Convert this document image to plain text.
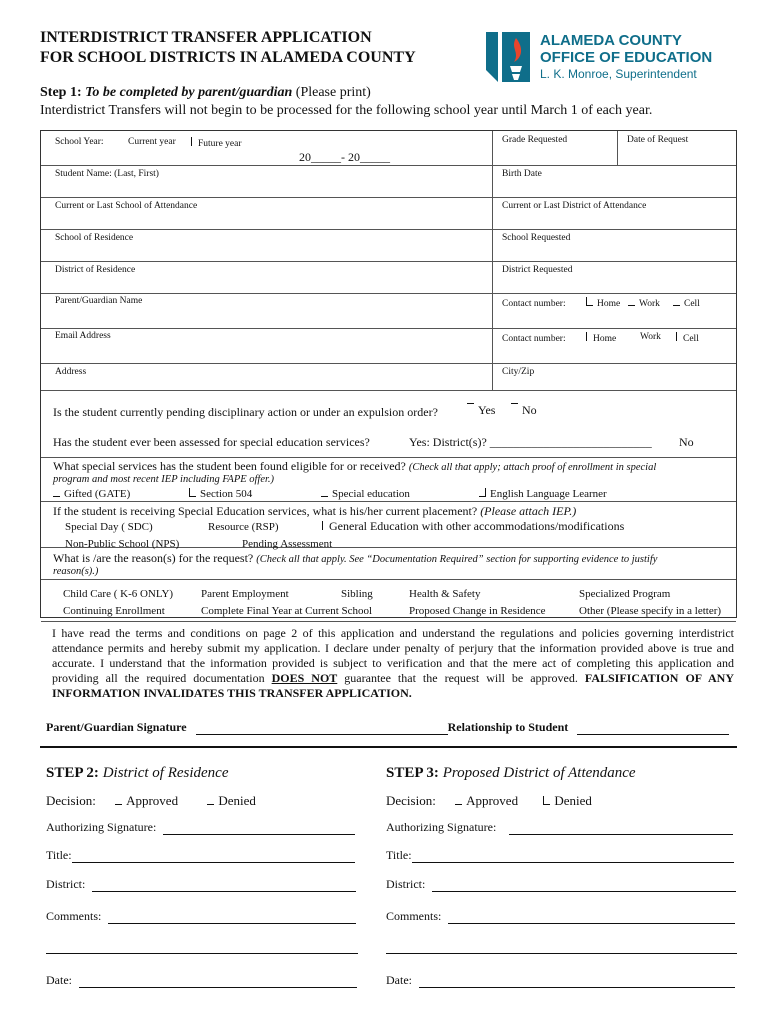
INTERDISTRICT TRANSFER APPLICATION
FOR SCHOOL DISTRICTS IN ALAMEDA COUNTY
ALAMEDA COUNTY
OFFICE OF EDUCATION
L. K. Monroe, Superintendent
Step 1: To be completed by parent/guardian (Please print)
Interdistrict Transfers will not begin to be processed for the following school year until March 1 of each year.
School Year:	Current year	Future year
20_____- 20_____
Grade Requested	Date of Request
Student Name: (Last, First)	Birth Date
Current or Last School of Attendance	Current or Last District of Attendance
School of Residence	School Requested
District of Residence	District Requested
Parent/Guardian Name	Contact number:	Home	Work	Cell
Email Address	Contact number:	Home	Work	Cell
Address	City/Zip
Is the student currently pending disciplinary action or under an expulsion order?	Yes	No
Has the student ever been assessed for special education services?	Yes: District(s)? ___________________________ No
What special services has the student been found eligible for or received? (Check all that apply; attach proof of enrollment in special
program and most recent IEP including FAPE offer.)
Gifted (GATE)	Section 504	Special education	English Language Learner
If the student is receiving Special Education services, what is his/her current placement? (Please attach IEP.)
Special Day ( SDC)	Resource (RSP)	General Education with other accommodations/modifications
Non-Public School (NPS)	Pending Assessment
What is /are the reason(s) for the request? (Check all that apply. See “Documentation Required” section for supporting evidence to justify
reason(s).)
Child Care ( K-6 ONLY)	Parent Employment	Sibling	Health & Safety	Specialized Program
Continuing Enrollment	Complete Final Year at Current School	Proposed Change in Residence	Other (Please specify in a letter)
I have read the terms and conditions on page 2 of this application and understand the regulations and policies governing interdistrict attendance permits and hereby submit my application. I declare under penalty of perjury that the information provided above is true and accurate. I understand that the information provided is subject to verification and that the mere act of completing this application and providing all the required documentation DOES NOT guarantee that the request will be approved. FALSIFICATION OF ANY INFORMATION INVALIDATES THIS TRANSFER APPLICATION.
Parent/Guardian Signature	Relationship to Student
STEP 2: District of Residence
Decision: Approved	Denied
Authorizing Signature:
Title:
District:
Comments:
Date:
STEP 3: Proposed District of Attendance
Decision: Approved	Denied
Authorizing Signature:
Title:
District:
Comments:
Date:
